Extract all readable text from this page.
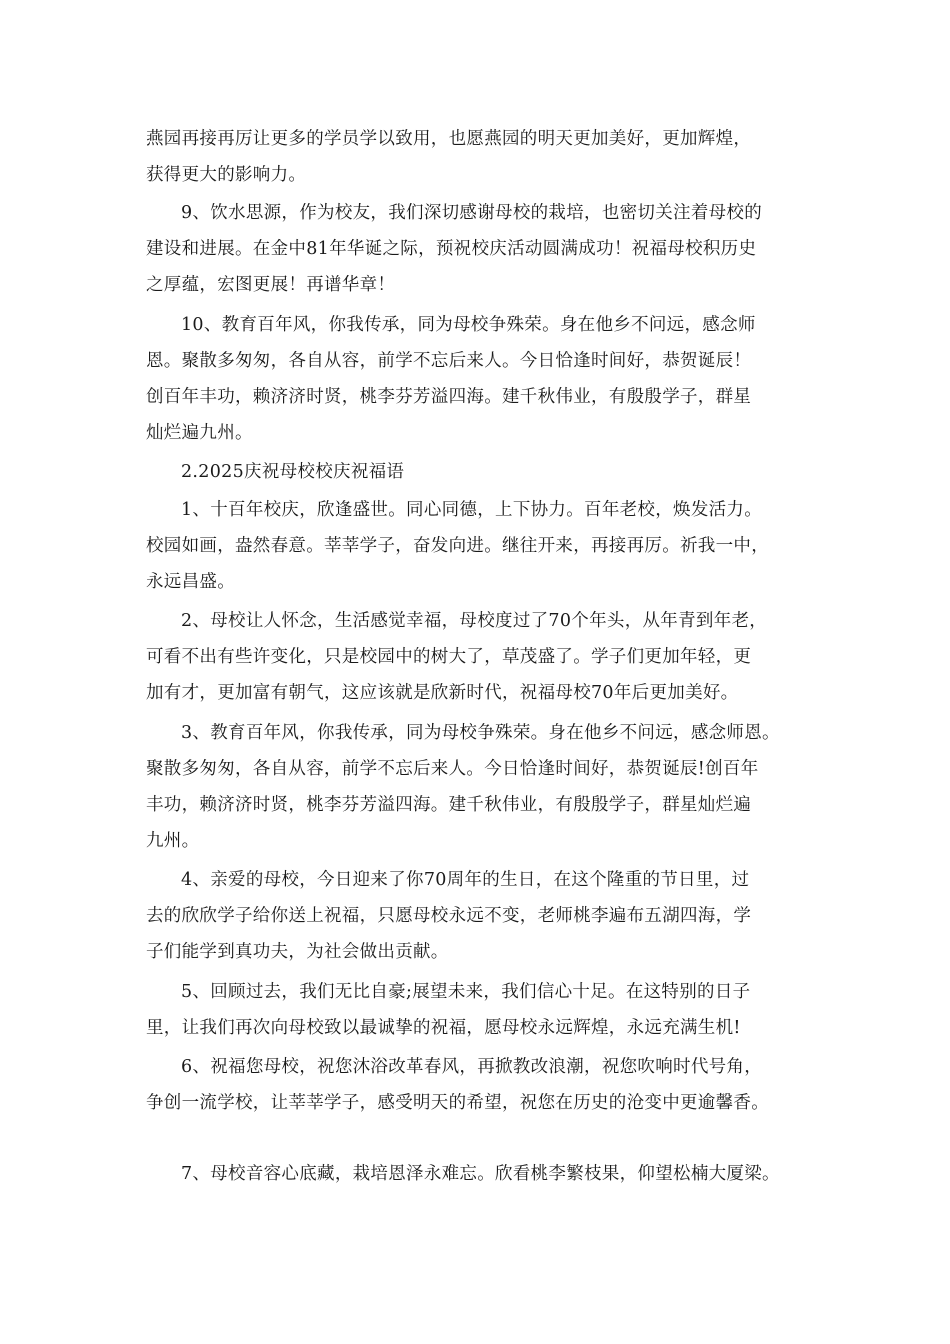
燕园再接再厉让更多的学员学以致用，也愿燕园的明天更加美好，更加辉煌，
获得更大的影响力。
9、饮水思源，作为校友，我们深切感谢母校的栽培，也密切关注着母校的
建设和进展。在金中81年华诞之际，预祝校庆活动圆满成功！祝福母校积历史
之厚蕴，宏图更展！再谱华章！
10、教育百年风，你我传承，同为母校争殊荣。身在他乡不问远，感念师
恩。聚散多匆匆，各自从容，前学不忘后来人。今日恰逢时间好，恭贺诞辰！
创百年丰功，赖济济时贤，桃李芬芳溢四海。建千秋伟业，有殷殷学子，群星
灿烂遍九州。
2.2025庆祝母校校庆祝福语
1、十百年校庆，欣逢盛世。同心同德，上下协力。百年老校，焕发活力。
校园如画，盎然春意。莘莘学子，奋发向进。继往开来，再接再厉。祈我一中，
永远昌盛。
2、母校让人怀念，生活感觉幸福，母校度过了70个年头，从年青到年老，
可看不出有些许变化，只是校园中的树大了，草茂盛了。学子们更加年轻，更
加有才，更加富有朝气，这应该就是欣新时代，祝福母校70年后更加美好。
3、教育百年风，你我传承，同为母校争殊荣。身在他乡不问远，感念师恩。
聚散多匆匆，各自从容，前学不忘后来人。今日恰逢时间好，恭贺诞辰!创百年
丰功，赖济济时贤，桃李芬芳溢四海。建千秋伟业，有殷殷学子，群星灿烂遍
九州。
4、亲爱的母校，今日迎来了你70周年的生日，在这个隆重的节日里，过
去的欣欣学子给你送上祝福，只愿母校永远不变，老师桃李遍布五湖四海，学
子们能学到真功夫，为社会做出贡献。
5、回顾过去，我们无比自豪;展望未来，我们信心十足。在这特别的日子
里，让我们再次向母校致以最诚挚的祝福，愿母校永远辉煌，永远充满生机!
6、祝福您母校，祝您沐浴改革春风，再掀教改浪潮，祝您吹响时代号角，
争创一流学校，让莘莘学子，感受明天的希望，祝您在历史的沧变中更逾馨香。
7、母校音容心底藏，栽培恩泽永难忘。欣看桃李繁枝果，仰望松楠大厦梁。
